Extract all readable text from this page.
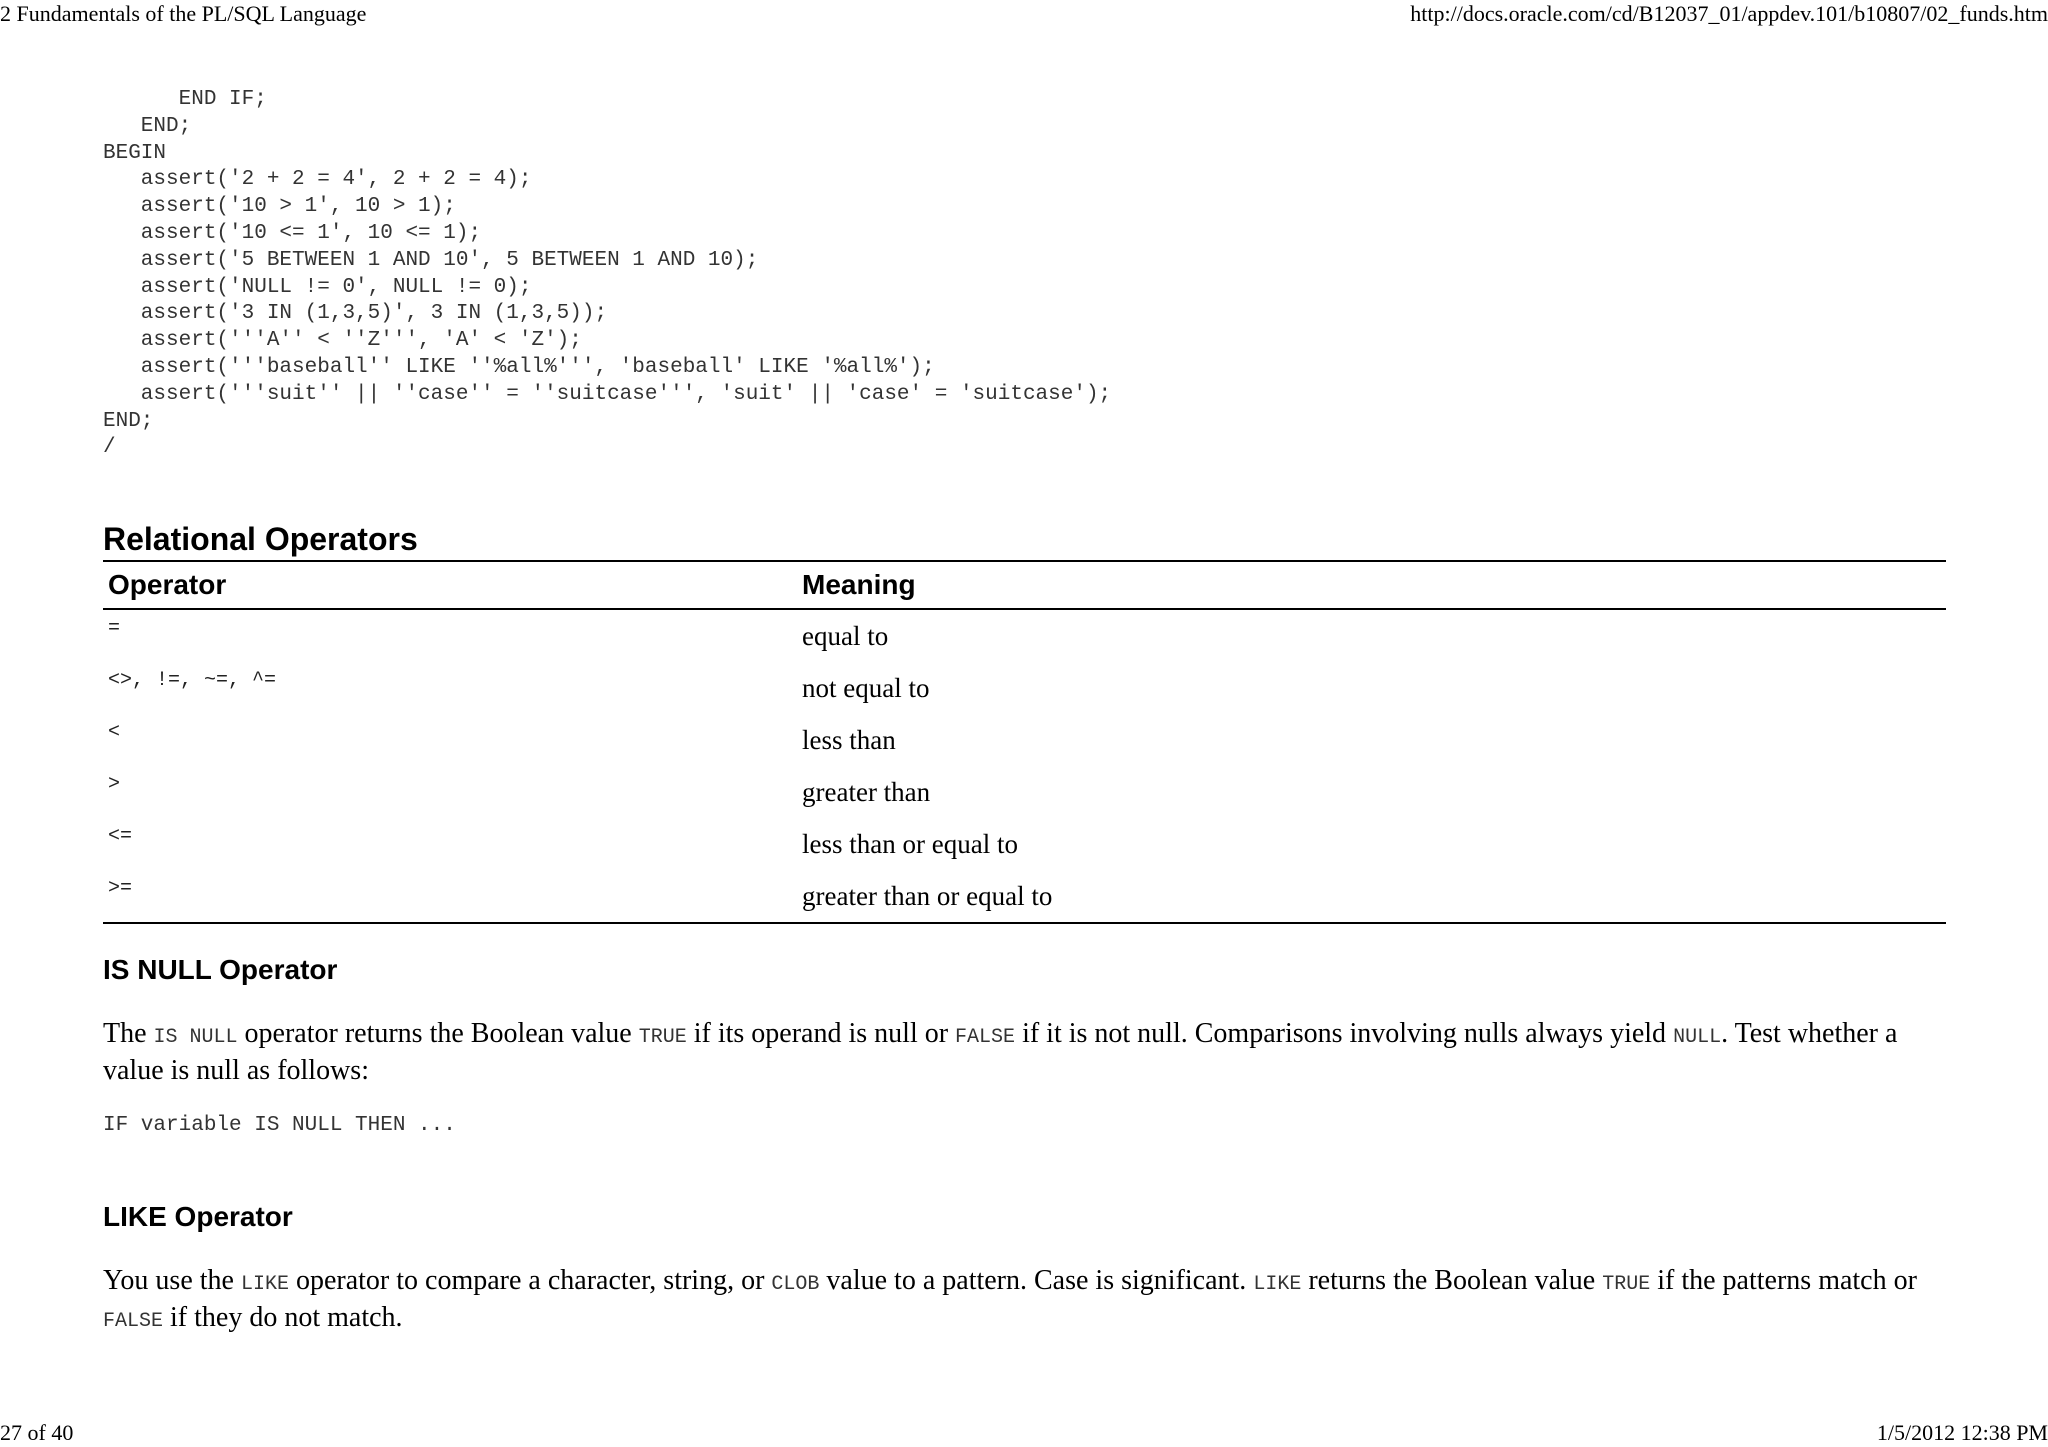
2 Fundamentals of the PL/SQL Language	http://docs.oracle.com/cd/B12037_01/appdev.101/b10807/02_funds.htm
END IF;
END;
BEGIN
assert('2 + 2 = 4', 2 + 2 = 4);
assert('10 > 1', 10 > 1);
assert('10 <= 1', 10 <= 1);
assert('5 BETWEEN 1 AND 10', 5 BETWEEN 1 AND 10);
assert('NULL != 0', NULL != 0);
assert('3 IN (1,3,5)', 3 IN (1,3,5));
assert('''A'' < ''Z''', 'A' < 'Z');
assert('''baseball'' LIKE ''%all%''', 'baseball' LIKE '%all%');
assert('''suit'' || ''case'' = ''suitcase''', 'suit' || 'case' = 'suitcase');
END;
/
Relational Operators
Operator	Meaning
=	equal to
<>, !=, ~=, ^=	not equal to
<	less than
>	greater than
<=	less than or equal to
>=	greater than or equal to
IS NULL Operator

The IS NULL operator returns the Boolean value TRUE if its operand is null or FALSE if it is not null. Comparisons involving nulls always yield NULL. Test whether a value is null as follows:

IF variable IS NULL THEN ...
LIKE Operator

You use the LIKE operator to compare a character, string, or CLOB value to a pattern. Case is significant. LIKE returns the Boolean value TRUE if the patterns match or FALSE if they do not match.

27 of 40	1/5/2012 12:38 PM
